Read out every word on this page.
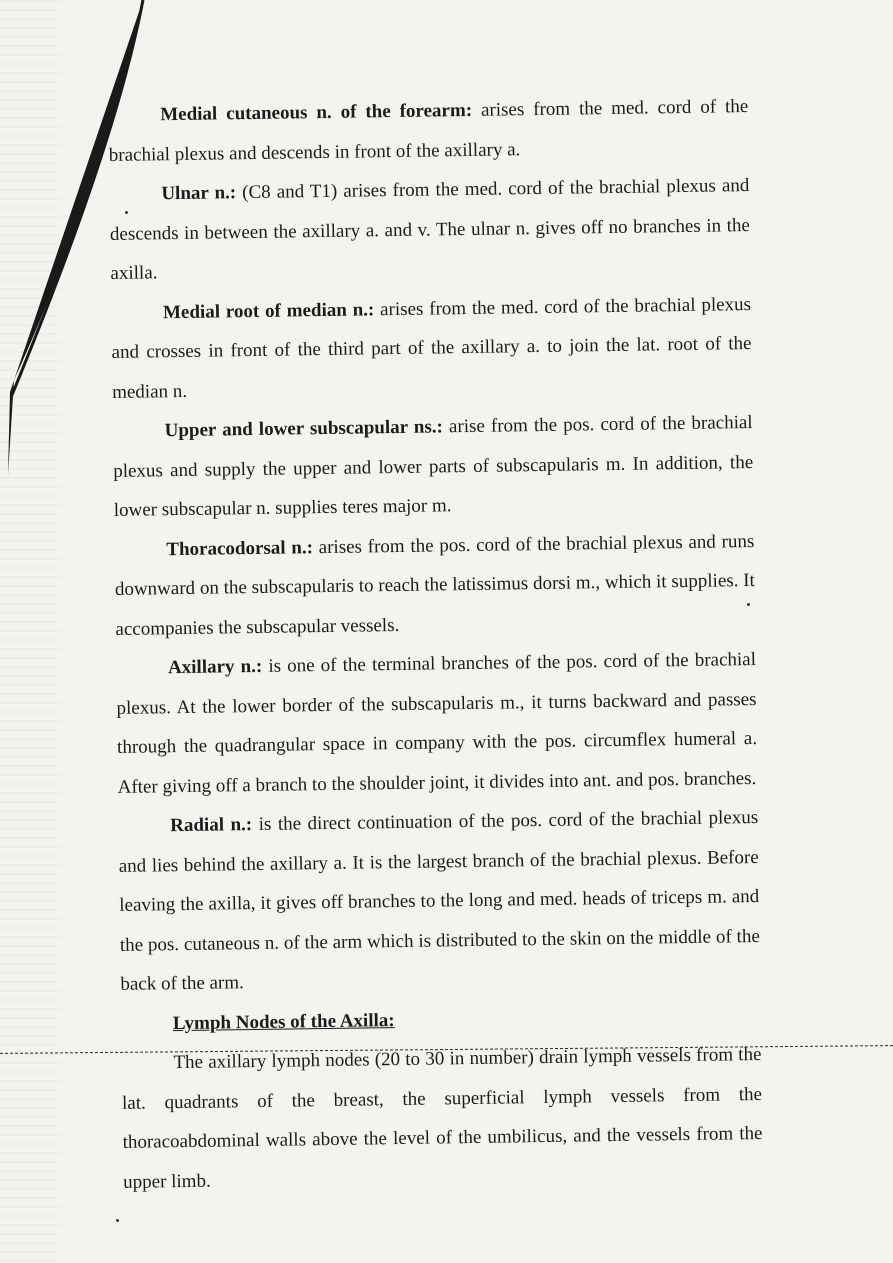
Medial cutaneous n. of the forearm: arises from the med. cord of the brachial plexus and descends in front of the axillary a.

Ulnar n.: (C8 and T1) arises from the med. cord of the brachial plexus and descends in between the axillary a. and v. The ulnar n. gives off no branches in the axilla.

Medial root of median n.: arises from the med. cord of the brachial plexus and crosses in front of the third part of the axillary a. to join the lat. root of the median n.

Upper and lower subscapular ns.: arise from the pos. cord of the brachial plexus and supply the upper and lower parts of subscapularis m. In addition, the lower subscapular n. supplies teres major m.

Thoracodorsal n.: arises from the pos. cord of the brachial plexus and runs downward on the subscapularis to reach the latissimus dorsi m., which it supplies. It accompanies the subscapular vessels.

Axillary n.: is one of the terminal branches of the pos. cord of the brachial plexus. At the lower border of the subscapularis m., it turns backward and passes through the quadrangular space in company with the pos. circumflex humeral a. After giving off a branch to the shoulder joint, it divides into ant. and pos. branches.

Radial n.: is the direct continuation of the pos. cord of the brachial plexus and lies behind the axillary a. It is the largest branch of the brachial plexus. Before leaving the axilla, it gives off branches to the long and med. heads of triceps m. and the pos. cutaneous n. of the arm which is distributed to the skin on the middle of the back of the arm.

Lymph Nodes of the Axilla:

The axillary lymph nodes (20 to 30 in number) drain lymph vessels from the lat. quadrants of the breast, the superficial lymph vessels from the thoracoabdominal walls above the level of the umbilicus, and the vessels from the upper limb.
